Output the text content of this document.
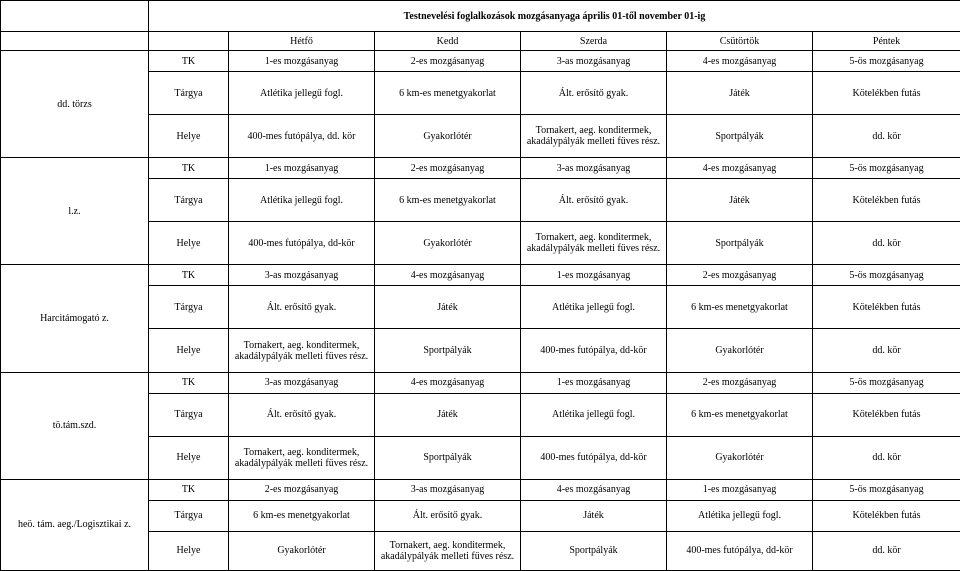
	Testnevelési foglalkozások mozgásanyaga április 01-től november 01-ig					
		Hétfő	Kedd	Szerda	Csütörtök	Péntek
dd. törzs	TK	1-es mozgásanyag	2-es mozgásanyag	3-as mozgásanyag	4-es mozgásanyag	5-ös mozgásanyag
	Tárgya	Atlétika jellegű fogl.	6 km-es menetgyakorlat	Ált. erősítő gyak.	Játék	Kötelékben futás
	Helye	400-mes futópálya, dd. kör	Gyakorlótér	Tornakert, aeg. konditermek, akadálypályák melleti füves rész.	Sportpályák	dd. kör
l.z.	TK	1-es mozgásanyag	2-es mozgásanyag	3-as mozgásanyag	4-es mozgásanyag	5-ös mozgásanyag
	Tárgya	Atlétika jellegű fogl.	6 km-es menetgyakorlat	Ált. erősítő gyak.	Játék	Kötelékben futás
	Helye	400-mes futópálya, dd-kör	Gyakorlótér	Tornakert, aeg. konditermek, akadálypályák melleti füves rész.	Sportpályák	dd. kör
Harcitámogató z.	TK	3-as mozgásanyag	4-es mozgásanyag	1-es mozgásanyag	2-es mozgásanyag	5-ös mozgásanyag
	Tárgya	Ált. erősítő gyak.	Játék	Atlétika jellegű fogl.	6 km-es menetgyakorlat	Kötelékben futás
	Helye	Tornakert, aeg. konditermek, akadálypályák melleti füves rész.	Sportpályák	400-mes futópálya, dd-kör	Gyakorlótér	dd. kör
tö.tám.szd.	TK	3-as mozgásanyag	4-es mozgásanyag	1-es mozgásanyag	2-es mozgásanyag	5-ös mozgásanyag
	Tárgya	Ált. erősítő gyak.	Játék	Atlétika jellegű fogl.	6 km-es menetgyakorlat	Kötelékben futás
	Helye	Tornakert, aeg. konditermek, akadálypályák melleti füves rész.	Sportpályák	400-mes futópálya, dd-kör	Gyakorlótér	dd. kör
heö. tám. aeg./Logisztikai z.	TK	2-es mozgásanyag	3-as mozgásanyag	4-es mozgásanyag	1-es mozgásanyag	5-ös mozgásanyag
	Tárgya	6 km-es menetgyakorlat	Ált. erősítő gyak.	Játék	Atlétika jellegű fogl.	Kötelékben futás
	Helye	Gyakorlótér	Tornakert, aeg. konditermek, akadálypályák melleti füves rész.	Sportpályák	400-mes futópálya, dd-kör	dd. kör
